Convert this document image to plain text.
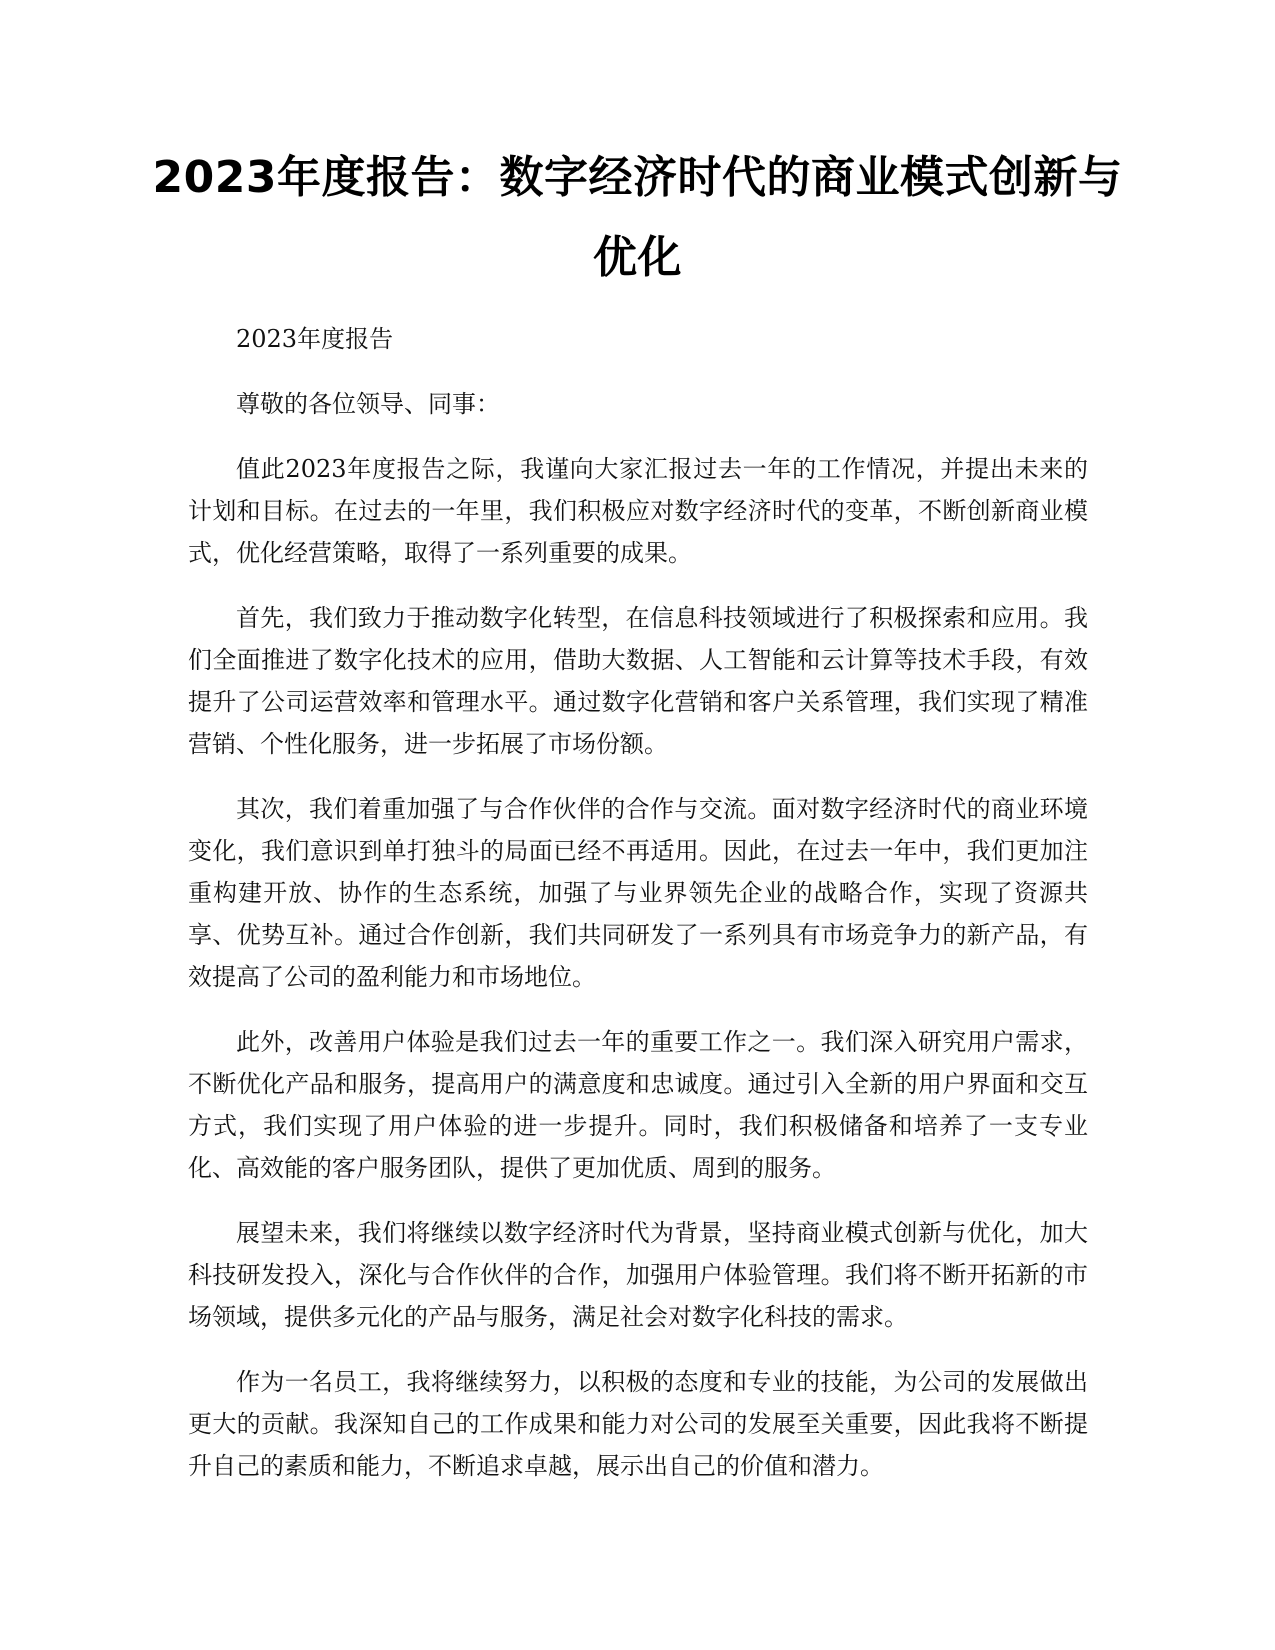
2023年度报告：数字经济时代的商业模式创新与优化

2023年度报告

尊敬的各位领导、同事：

值此2023年度报告之际，我谨向大家汇报过去一年的工作情况，并提出未来的计划和目标。在过去的一年里，我们积极应对数字经济时代的变革，不断创新商业模式，优化经营策略，取得了一系列重要的成果。

首先，我们致力于推动数字化转型，在信息科技领域进行了积极探索和应用。我们全面推进了数字化技术的应用，借助大数据、人工智能和云计算等技术手段，有效提升了公司运营效率和管理水平。通过数字化营销和客户关系管理，我们实现了精准营销、个性化服务，进一步拓展了市场份额。

其次，我们着重加强了与合作伙伴的合作与交流。面对数字经济时代的商业环境变化，我们意识到单打独斗的局面已经不再适用。因此，在过去一年中，我们更加注重构建开放、协作的生态系统，加强了与业界领先企业的战略合作，实现了资源共享、优势互补。通过合作创新，我们共同研发了一系列具有市场竞争力的新产品，有效提高了公司的盈利能力和市场地位。

此外，改善用户体验是我们过去一年的重要工作之一。我们深入研究用户需求，不断优化产品和服务，提高用户的满意度和忠诚度。通过引入全新的用户界面和交互方式，我们实现了用户体验的进一步提升。同时，我们积极储备和培养了一支专业化、高效能的客户服务团队，提供了更加优质、周到的服务。

展望未来，我们将继续以数字经济时代为背景，坚持商业模式创新与优化，加大科技研发投入，深化与合作伙伴的合作，加强用户体验管理。我们将不断开拓新的市场领域，提供多元化的产品与服务，满足社会对数字化科技的需求。

作为一名员工，我将继续努力，以积极的态度和专业的技能，为公司的发展做出更大的贡献。我深知自己的工作成果和能力对公司的发展至关重要，因此我将不断提升自己的素质和能力，不断追求卓越，展示出自己的价值和潜力。
